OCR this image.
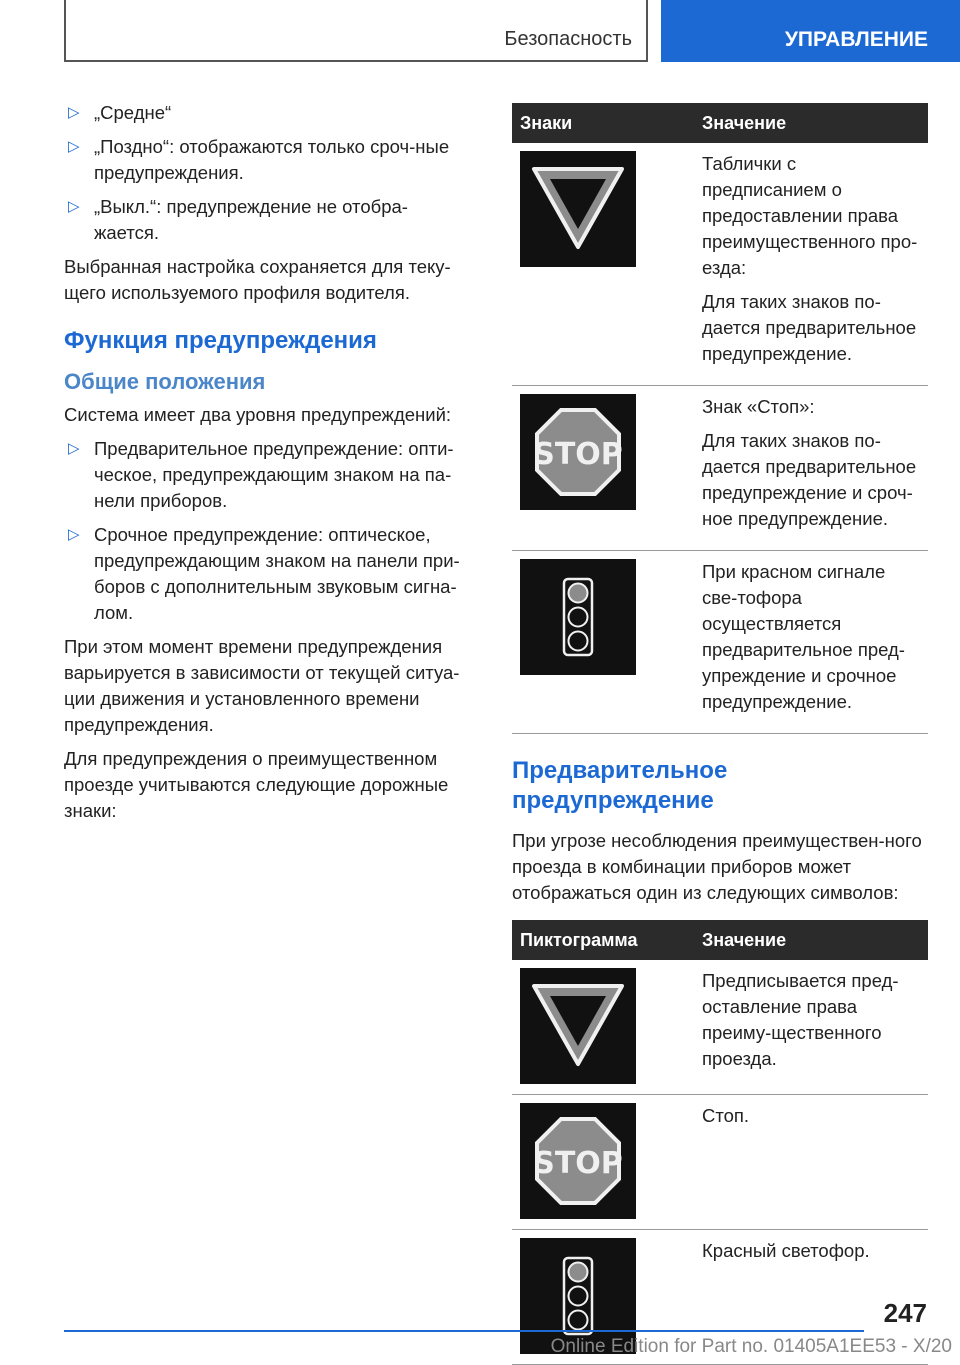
Безопасность	УПРАВЛЕНИЕ
▷ „Средне“
▷ „Поздно“: отображаются только сроч-ные предупреждения.
▷ „Выкл.“: предупреждение не отобра-жается.

Выбранная настройка сохраняется для теку-щего используемого профиля водителя.

Функция предупреждения
Общие положения

Система имеет два уровня предупреждений:

▷ Предварительное предупреждение: опти-ческое, предупреждающим знаком на па-нели приборов.
▷ Срочное предупреждение: оптическое, предупреждающим знаком на панели при-боров с дополнительным звуковым сигна-лом.

При этом момент времени предупреждения варьируется в зависимости от текущей ситуа-ции движения и установленного времени предупреждения.

Для предупреждения о преимущественном проезде учитываются следующие дорожные знаки:

Знаки	Значение

Таблички с предписанием о предоставлении права преимущественного про-езда:

Для таких знаков по-дается предварительное предупреждение.

STOP	Знак «Стоп»:

Для таких знаков по-дается предварительное предупреждение и сроч-ное предупреждение.

При красном сигнале све-тофора осуществляется предварительное пред-упреждение и срочное предупреждение.

Предварительное предупреждение

При угрозе несоблюдения преимуществен-ного проезда в комбинации приборов может отображаться один из следующих символов:

Пиктограмма	Значение

Предписывается пред-оставление права преиму-щественного проезда.

STOP	Стоп.

Красный светофор.

247
Online Edition for Part no. 01405A1EE53 - X/20
